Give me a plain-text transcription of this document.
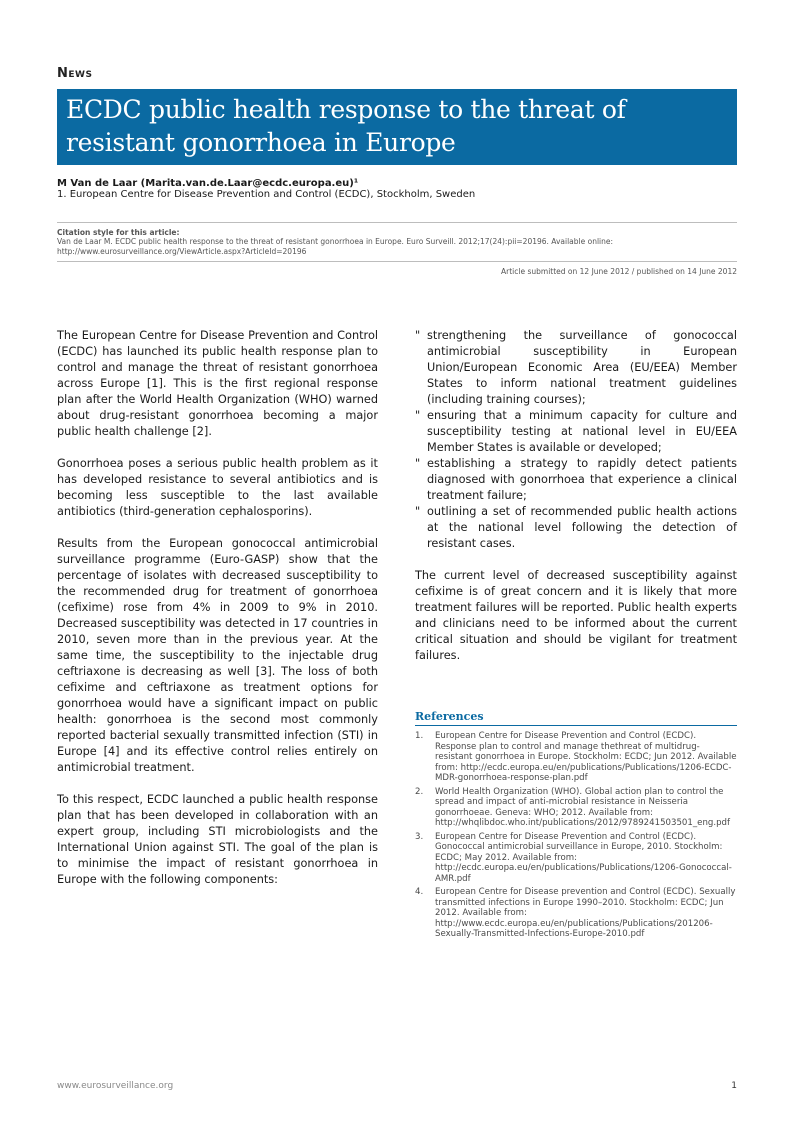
News
ECDC public health response to the threat of resistant gonorrhoea in Europe
M Van de Laar (Marita.van.de.Laar@ecdc.europa.eu)¹
1. European Centre for Disease Prevention and Control (ECDC), Stockholm, Sweden
Citation style for this article:
Van de Laar M. ECDC public health response to the threat of resistant gonorrhoea in Europe. Euro Surveill. 2012;17(24):pii=20196. Available online: http://www.eurosurveillance.org/ViewArticle.aspx?ArticleId=20196
Article submitted on 12 June 2012 / published on 14 June 2012

The European Centre for Disease Prevention and Control (ECDC) has launched its public health response plan to control and manage the threat of resistant gonorrhoea across Europe [1]. This is the first regional response plan after the World Health Organization (WHO) warned about drug-resistant gonorrhoea becoming a major public health challenge [2].

Gonorrhoea poses a serious public health problem as it has developed resistance to several antibiotics and is becoming less susceptible to the last available antibiotics (third-generation cephalosporins).

Results from the European gonococcal antimicrobial surveillance programme (Euro-GASP) show that the percentage of isolates with decreased susceptibility to the recommended drug for treatment of gonorrhoea (cefixime) rose from 4% in 2009 to 9% in 2010. Decreased susceptibility was detected in 17 countries in 2010, seven more than in the previous year. At the same time, the susceptibility to the injectable drug ceftriaxone is decreasing as well [3]. The loss of both cefixime and ceftriaxone as treatment options for gonorrhoea would have a significant impact on public health: gonorrhoea is the second most commonly reported bacterial sexually transmitted infection (STI) in Europe [4] and its effective control relies entirely on antimicrobial treatment.

To this respect, ECDC launched a public health response plan that has been developed in collaboration with an expert group, including STI microbiologists and the International Union against STI. The goal of the plan is to minimise the impact of resistant gonorrhoea in Europe with the following components:

" strengthening the surveillance of gonococcal antimicrobial susceptibility in European Union/European Economic Area (EU/EEA) Member States to inform national treatment guidelines (including training courses);
" ensuring that a minimum capacity for culture and susceptibility testing at national level in EU/EEA Member States is available or developed;
" establishing a strategy to rapidly detect patients diagnosed with gonorrhoea that experience a clinical treatment failure;
" outlining a set of recommended public health actions at the national level following the detection of resistant cases.

The current level of decreased susceptibility against cefixime is of great concern and it is likely that more treatment failures will be reported. Public health experts and clinicians need to be informed about the current critical situation and should be vigilant for treatment failures.

References
1. European Centre for Disease Prevention and Control (ECDC). Response plan to control and manage thethreat of multidrug-resistant gonorrhoea in Europe. Stockholm: ECDC; Jun 2012. Available from: http://ecdc.europa.eu/en/publications/Publications/1206-ECDC-MDR-gonorrhoea-response-plan.pdf
2. World Health Organization (WHO). Global action plan to control the spread and impact of anti-microbial resistance in Neisseria gonorrhoeae. Geneva: WHO; 2012. Available from: http://whqlibdoc.who.int/publications/2012/9789241503501_eng.pdf
3. European Centre for Disease Prevention and Control (ECDC). Gonococcal antimicrobial surveillance in Europe, 2010. Stockholm: ECDC; May 2012. Available from: http://ecdc.europa.eu/en/publications/Publications/1206-Gonococcal-AMR.pdf
4. European Centre for Disease prevention and Control (ECDC). Sexually transmitted infections in Europe 1990–2010. Stockholm: ECDC; Jun 2012. Available from: http://www.ecdc.europa.eu/en/publications/Publications/201206-Sexually-Transmitted-Infections-Europe-2010.pdf
www.eurosurveillance.org	1
